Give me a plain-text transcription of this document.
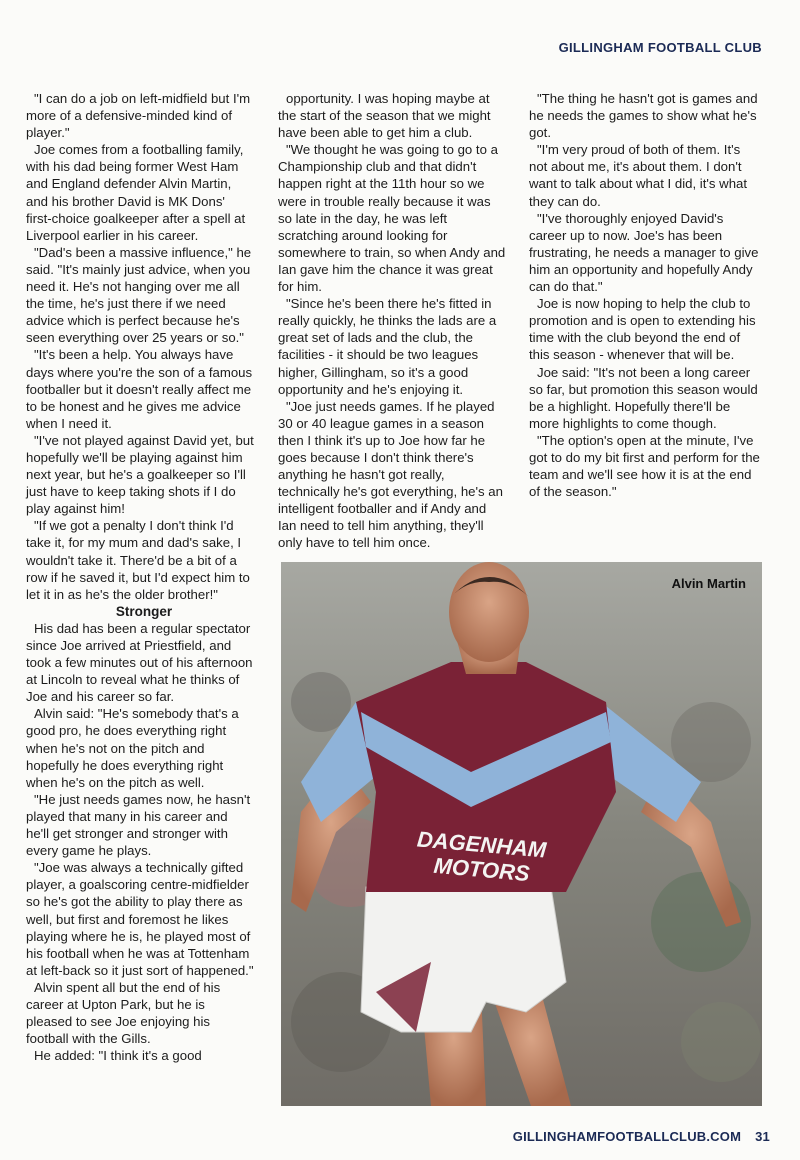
GILLINGHAM FOOTBALL CLUB

"I can do a job on left-midfield but I'm more of a defensive-minded kind of player."

Joe comes from a footballing family, with his dad being former West Ham and England defender Alvin Martin, and his brother David is MK Dons' first-choice goalkeeper after a spell at Liverpool earlier in his career.

"Dad's been a massive influence," he said. "It's mainly just advice, when you need it. He's not hanging over me all the time, he's just there if we need advice which is perfect because he's seen everything over 25 years or so."

"It's been a help. You always have days where you're the son of a famous footballer but it doesn't really affect me to be honest and he gives me advice when I need it.

"I've not played against David yet, but hopefully we'll be playing against him next year, but he's a goalkeeper so I'll just have to keep taking shots if I do play against him!

"If we got a penalty I don't think I'd take it, for my mum and dad's sake, I wouldn't take it. There'd be a bit of a row if he saved it, but I'd expect him to let it in as he's the older brother!"

Stronger

His dad has been a regular spectator since Joe arrived at Priestfield, and took a few minutes out of his afternoon at Lincoln to reveal what he thinks of Joe and his career so far.

Alvin said: "He's somebody that's a good pro, he does everything right when he's not on the pitch and hopefully he does everything right when he's on the pitch as well.

"He just needs games now, he hasn't played that many in his career and he'll get stronger and stronger with every game he plays.

"Joe was always a technically gifted player, a goalscoring centre-midfielder so he's got the ability to play there as well, but first and foremost he likes playing where he is, he played most of his football when he was at Tottenham at left-back so it just sort of happened."

Alvin spent all but the end of his career at Upton Park, but he is pleased to see Joe enjoying his football with the Gills.

He added: "I think it's a good

opportunity. I was hoping maybe at the start of the season that we might have been able to get him a club.

"We thought he was going to go to a Championship club and that didn't happen right at the 11th hour so we were in trouble really because it was so late in the day, he was left scratching around looking for somewhere to train, so when Andy and Ian gave him the chance it was great for him.

"Since he's been there he's fitted in really quickly, he thinks the lads are a great set of lads and the club, the facilities - it should be two leagues higher, Gillingham, so it's a good opportunity and he's enjoying it.

"Joe just needs games. If he played 30 or 40 league games in a season then I think it's up to Joe how far he goes because I don't think there's anything he hasn't got really, technically he's got everything, he's an intelligent footballer and if Andy and Ian need to tell him anything, they'll only have to tell him once.

"The thing he hasn't got is games and he needs the games to show what he's got.

"I'm very proud of both of them. It's not about me, it's about them. I don't want to talk about what I did, it's what they can do.

"I've thoroughly enjoyed David's career up to now. Joe's has been frustrating, he needs a manager to give him an opportunity and hopefully Andy can do that."

Joe is now hoping to help the club to promotion and is open to extending his time with the club beyond the end of this season - whenever that will be.

Joe said: "It's not been a long career so far, but promotion this season would be a highlight. Hopefully there'll be more highlights to come though.

"The option's open at the minute, I've got to do my bit first and perform for the team and we'll see how it is at the end of the season."

DAGENHAM
MOTORS
Alvin Martin
GILLINGHAMFOOTBALLCLUB.COM 31
